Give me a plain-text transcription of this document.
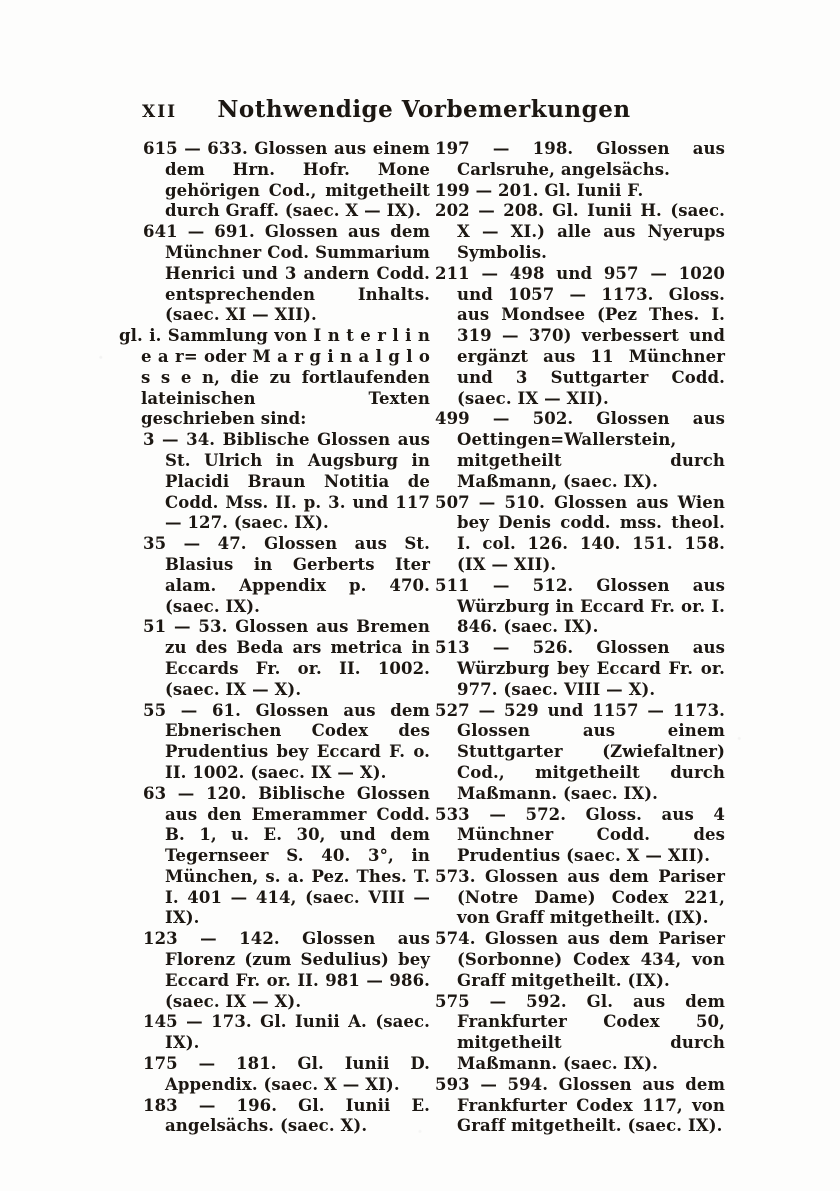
XII	Nothwendige Vorbemerkungen

615 — 633. Glossen aus einem dem Hrn. Hofr. Mone gehörigen Cod., mitgetheilt durch Graff. (saec. X — IX).

641 — 691. Glossen aus dem Münchner Cod. Summarium Henrici und 3 andern Codd. entsprechenden Inhalts. (saec. XI — XII).

gl. i. Sammlung von I n t e r l i n e a r= oder M a r g i n a l g l o s s e n, die zu fortlaufenden lateinischen Texten geschrieben sind:

3 — 34. Biblische Glossen aus St. Ulrich in Augsburg in Placidi Braun Notitia de Codd. Mss. II. p. 3. und 117 — 127. (saec. IX).

35 — 47. Glossen aus St. Blasius in Gerberts Iter alam. Appendix p. 470. (saec. IX).

51 — 53. Glossen aus Bremen zu des Beda ars metrica in Eccards Fr. or. II. 1002. (saec. IX — X).

55 — 61. Glossen aus dem Ebnerischen Codex des Prudentius bey Eccard F. o. II. 1002. (saec. IX — X).

63 — 120. Biblische Glossen aus den Emerammer Codd. B. 1, u. E. 30, und dem Tegernseer S. 40. 3°, in München, s. a. Pez. Thes. T. I. 401 — 414, (saec. VIII — IX).

123 — 142. Glossen aus Florenz (zum Sedulius) bey Eccard Fr. or. II. 981 — 986. (saec. IX — X).

145 — 173. Gl. Iunii A. (saec. IX).

175 — 181. Gl. Iunii D. Appendix. (saec. X — XI).

183 — 196. Gl. Iunii E. angelsächs. (saec. X).

197 — 198. Glossen aus Carlsruhe, angelsächs.

199 — 201. Gl. Iunii F.

202 — 208. Gl. Iunii H. (saec. X — XI.) alle aus Nyerups Symbolis.

211 — 498 und 957 — 1020 und 1057 — 1173. Gloss. aus Mondsee (Pez Thes. I. 319 — 370) verbessert und ergänzt aus 11 Münchner und 3 Suttgarter Codd. (saec. IX — XII).

499 — 502. Glossen aus Oettingen=Wallerstein, mitgetheilt durch Maßmann, (saec. IX).

507 — 510. Glossen aus Wien bey Denis codd. mss. theol. I. col. 126. 140. 151. 158. (IX — XII).

511 — 512. Glossen aus Würzburg in Eccard Fr. or. I. 846. (saec. IX).

513 — 526. Glossen aus Würzburg bey Eccard Fr. or. 977. (saec. VIII — X).

527 — 529 und 1157 — 1173. Glossen aus einem Stuttgarter (Zwiefaltner) Cod., mitgetheilt durch Maßmann. (saec. IX).

533 — 572. Gloss. aus 4 Münchner Codd. des Prudentius (saec. X — XII).

573. Glossen aus dem Pariser (Notre Dame) Codex 221, von Graff mitgetheilt. (IX).

574. Glossen aus dem Pariser (Sorbonne) Codex 434, von Graff mitgetheilt. (IX).

575 — 592. Gl. aus dem Frankfurter Codex 50, mitgetheilt durch Maßmann. (saec. IX).

593 — 594. Glossen aus dem Frankfurter Codex 117, von Graff mitgetheilt. (saec. IX).
